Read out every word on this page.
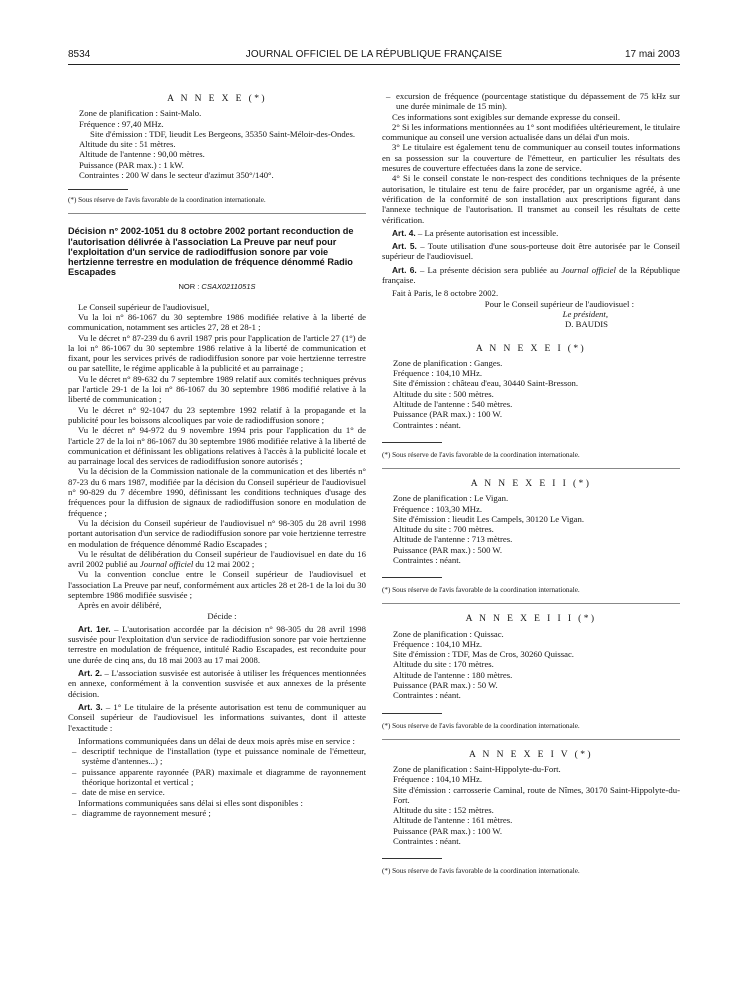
8534	JOURNAL OFFICIEL DE LA RÉPUBLIQUE FRANÇAISE	17 mai 2003
A N N E X E (*)

Zone de planification : Saint-Malo.

Fréquence : 97,40 MHz.

Site d'émission : TDF, lieudit Les Bergeons, 35350 Saint-Méloir-des-Ondes.

Altitude du site : 51 mètres.

Altitude de l'antenne : 90,00 mètres.

Puissance (PAR max.) : 1 kW.

Contraintes : 200 W dans le secteur d'azimut 350°/140°.

(*) Sous réserve de l'avis favorable de la coordination internationale.

Décision n° 2002-1051 du 8 octobre 2002 portant reconduction de l'autorisation délivrée à l'association La Preuve par neuf pour l'exploitation d'un service de radiodiffusion sonore par voie hertzienne terrestre en modulation de fréquence dénommé Radio Escapades
NOR : CSAX0211051S

Le Conseil supérieur de l'audiovisuel,

Vu la loi n° 86-1067 du 30 septembre 1986 modifiée relative à la liberté de communication, notamment ses articles 27, 28 et 28-1 ;

Vu le décret n° 87-239 du 6 avril 1987 pris pour l'application de l'article 27 (1°) de la loi n° 86-1067 du 30 septembre 1986 relative à la liberté de communication et fixant, pour les services privés de radiodiffusion sonore par voie hertzienne terrestre ou par satellite, le régime applicable à la publicité et au parrainage ;

Vu le décret n° 89-632 du 7 septembre 1989 relatif aux comités techniques prévus par l'article 29-1 de la loi n° 86-1067 du 30 septembre 1986 modifié relative à la liberté de communication ;

Vu le décret n° 92-1047 du 23 septembre 1992 relatif à la propagande et la publicité pour les boissons alcooliques par voie de radiodiffusion sonore ;

Vu le décret n° 94-972 du 9 novembre 1994 pris pour l'application du 1° de l'article 27 de la loi n° 86-1067 du 30 septembre 1986 modifiée relative à la liberté de communication et définissant les obligations relatives à l'accès à la publicité locale et au parrainage local des services de radiodiffusion sonore autorisés ;

Vu la décision de la Commission nationale de la communication et des libertés n° 87-23 du 6 mars 1987, modifiée par la décision du Conseil supérieur de l'audiovisuel n° 90-829 du 7 décembre 1990, définissant les conditions techniques d'usage des fréquences pour la diffusion de signaux de radiodiffusion sonore en modulation de fréquence ;

Vu la décision du Conseil supérieur de l'audiovisuel n° 98-305 du 28 avril 1998 portant autorisation d'un service de radiodiffusion sonore par voie hertzienne terrestre en modulation de fréquence dénommé Radio Escapades ;

Vu le résultat de délibération du Conseil supérieur de l'audiovisuel en date du 16 avril 2002 publié au Journal officiel du 12 mai 2002 ;

Vu la convention conclue entre le Conseil supérieur de l'audiovisuel et l'association La Preuve par neuf, conformément aux articles 28 et 28-1 de la loi du 30 septembre 1986 modifiée susvisée ;

Après en avoir délibéré,

Décide :

Art. 1er. – L'autorisation accordée par la décision n° 98-305 du 28 avril 1998 susvisée pour l'exploitation d'un service de radiodiffusion sonore par voie hertzienne terrestre en modulation de fréquence, intitulé Radio Escapades, est reconduite pour une durée de cinq ans, du 18 mai 2003 au 17 mai 2008.

Art. 2. – L'association susvisée est autorisée à utiliser les fréquences mentionnées en annexe, conformément à la convention susvisée et aux annexes de la présente décision.

Art. 3. – 1° Le titulaire de la présente autorisation est tenu de communiquer au Conseil supérieur de l'audiovisuel les informations suivantes, dont il atteste l'exactitude :

Informations communiquées dans un délai de deux mois après mise en service :

– descriptif technique de l'installation (type et puissance nominale de l'émetteur, système d'antennes...) ;

– puissance apparente rayonnée (PAR) maximale et diagramme de rayonnement théorique horizontal et vertical ;

– date de mise en service.

Informations communiquées sans délai si elles sont disponibles :

– diagramme de rayonnement mesuré ;

– excursion de fréquence (pourcentage statistique du dépassement de 75 kHz sur une durée minimale de 15 min).

Ces informations sont exigibles sur demande expresse du conseil.

2° Si les informations mentionnées au 1° sont modifiées ultérieurement, le titulaire communique au conseil une version actualisée dans un délai d'un mois.

3° Le titulaire est également tenu de communiquer au conseil toutes informations en sa possession sur la couverture de l'émetteur, en particulier les résultats des mesures de couverture effectuées dans la zone de service.

4° Si le conseil constate le non-respect des conditions techniques de la présente autorisation, le titulaire est tenu de faire procéder, par un organisme agréé, à une vérification de la conformité de son installation aux prescriptions figurant dans l'annexe technique de l'autorisation. Il transmet au conseil les résultats de cette vérification.

Art. 4. – La présente autorisation est incessible.

Art. 5. – Toute utilisation d'une sous-porteuse doit être autorisée par le Conseil supérieur de l'audiovisuel.

Art. 6. – La présente décision sera publiée au Journal officiel de la République française.

Fait à Paris, le 8 octobre 2002.

Pour le Conseil supérieur de l'audiovisuel :

Le président,

D. BAUDIS

A N N E X E I (*)

Zone de planification : Ganges.

Fréquence : 104,10 MHz.

Site d'émission : château d'eau, 30440 Saint-Bresson.

Altitude du site : 500 mètres.

Altitude de l'antenne : 540 mètres.

Puissance (PAR max.) : 100 W.

Contraintes : néant.

(*) Sous réserve de l'avis favorable de la coordination internationale.

A N N E X E I I (*)

Zone de planification : Le Vigan.

Fréquence : 103,30 MHz.

Site d'émission : lieudit Les Campels, 30120 Le Vigan.

Altitude du site : 700 mètres.

Altitude de l'antenne : 713 mètres.

Puissance (PAR max.) : 500 W.

Contraintes : néant.

(*) Sous réserve de l'avis favorable de la coordination internationale.

A N N E X E I I I (*)

Zone de planification : Quissac.

Fréquence : 104,10 MHz.

Site d'émission : TDF, Mas de Cros, 30260 Quissac.

Altitude du site : 170 mètres.

Altitude de l'antenne : 180 mètres.

Puissance (PAR max.) : 50 W.

Contraintes : néant.

(*) Sous réserve de l'avis favorable de la coordination internationale.

A N N E X E I V (*)

Zone de planification : Saint-Hippolyte-du-Fort.

Fréquence : 104,10 MHz.

Site d'émission : carrosserie Caminal, route de Nîmes, 30170 Saint-Hippolyte-du-Fort.

Altitude du site : 152 mètres.

Altitude de l'antenne : 161 mètres.

Puissance (PAR max.) : 100 W.

Contraintes : néant.

(*) Sous réserve de l'avis favorable de la coordination internationale.
